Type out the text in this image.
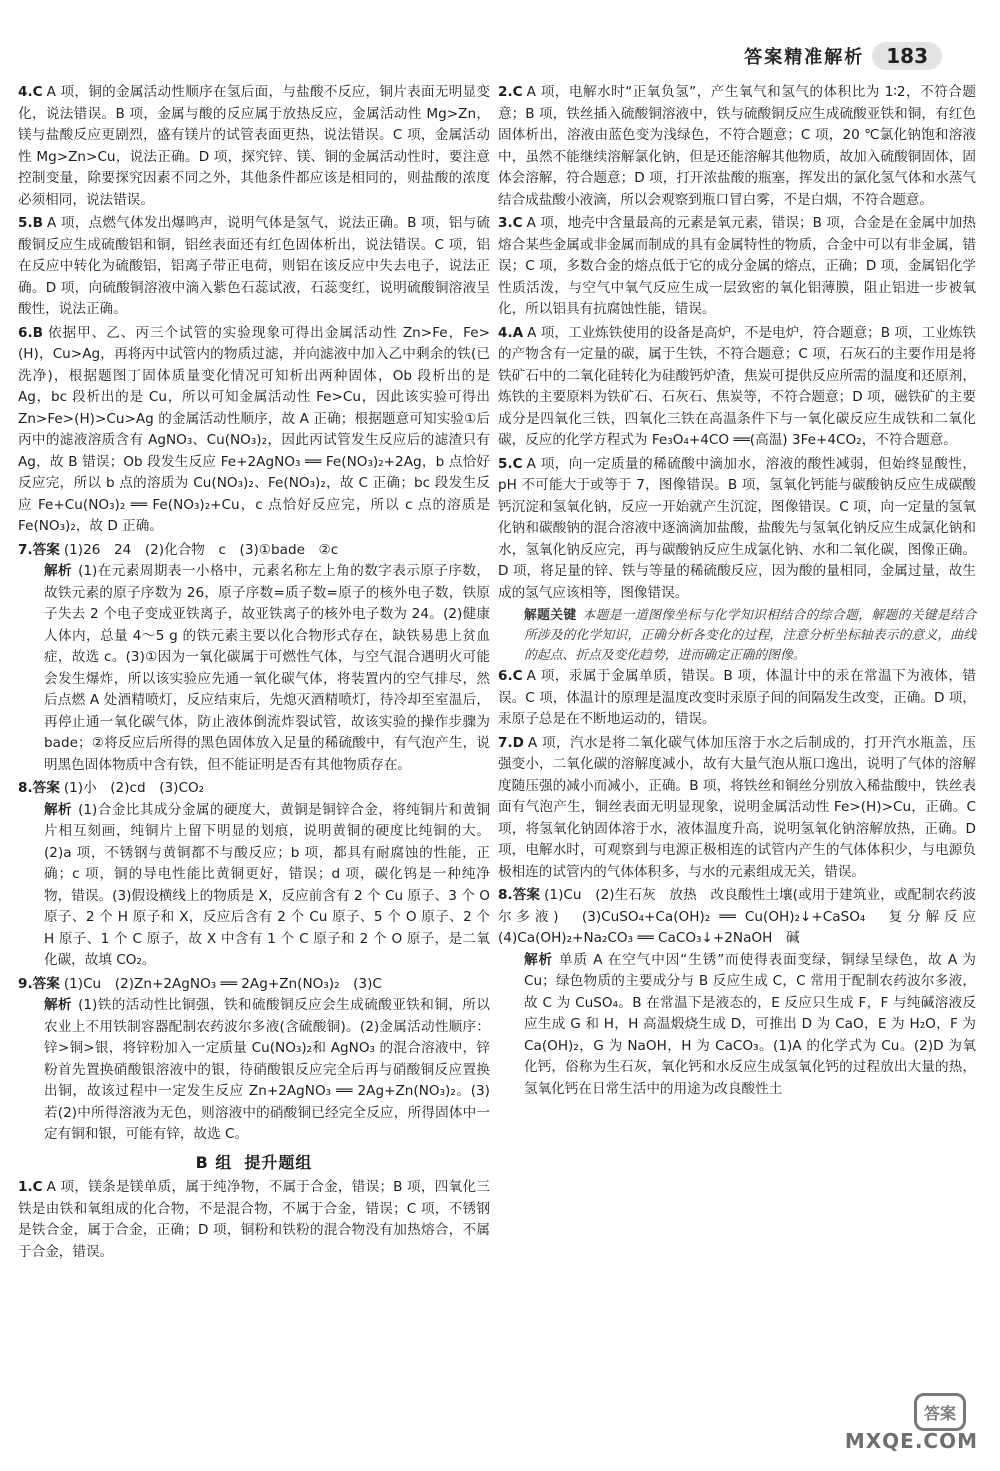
答案精准解析	183
4.C A 项，铜的金属活动性顺序在氢后面，与盐酸不反应，铜片表面无明显变化，说法错误。B 项，金属与酸的反应属于放热反应，金属活动性 Mg>Zn，镁与盐酸反应更剧烈，盛有镁片的试管表面更热，说法错误。C 项，金属活动性 Mg>Zn>Cu，说法正确。D 项，探究锌、镁、铜的金属活动性时，要注意控制变量，除要探究因素不同之外，其他条件都应该是相同的，则盐酸的浓度必须相同，说法错误。
5.B A 项，点燃气体发出爆鸣声，说明气体是氢气，说法正确。B 项，铝与硫酸铜反应生成硫酸铝和铜，铝丝表面还有红色固体析出，说法错误。C 项，铝在反应中转化为硫酸铝，铝离子带正电荷，则铝在该反应中失去电子，说法正确。D 项，向硫酸铜溶液中滴入紫色石蕊试液，石蕊变红，说明硫酸铜溶液呈酸性，说法正确。
6.B 依据甲、乙、丙三个试管的实验现象可得出金属活动性 Zn>Fe，Fe>(H)，Cu>Ag，再将丙中试管内的物质过滤，并向滤液中加入乙中剩余的铁(已洗净)，根据题图丁固体质量变化情况可知析出两种固体，Ob 段析出的是 Ag，bc 段析出的是 Cu，所以可知金属活动性 Fe>Cu，因此该实验可得出 Zn>Fe>(H)>Cu>Ag 的金属活动性顺序，故 A 正确；根据题意可知实验①后丙中的滤液溶质含有 AgNO₃、Cu(NO₃)₂，因此丙试管发生反应后的滤渣只有 Ag，故 B 错误；Ob 段发生反应 Fe+2AgNO₃ ══ Fe(NO₃)₂+2Ag，b 点恰好反应完，所以 b 点的溶质为 Cu(NO₃)₂、Fe(NO₃)₂，故 C 正确；bc 段发生反应 Fe+Cu(NO₃)₂ ══ Fe(NO₃)₂+Cu，c 点恰好反应完，所以 c 点的溶质是 Fe(NO₃)₂，故 D 正确。
7.答案 (1)26　24　(2)化合物　c　(3)①bade　②c
解析 (1)在元素周期表一小格中，元素名称左上角的数字表示原子序数，故铁元素的原子序数为 26，原子序数=质子数=原子的核外电子数，铁原子失去 2 个电子变成亚铁离子，故亚铁离子的核外电子数为 24。(2)健康人体内，总量 4～5 g 的铁元素主要以化合物形式存在，缺铁易患上贫血症，故选 c。(3)①因为一氧化碳属于可燃性气体，与空气混合遇明火可能会发生爆炸，所以该实验应先通一氧化碳气体，将装置内的空气排尽，然后点燃 A 处酒精喷灯，反应结束后，先熄灭酒精喷灯，待冷却至室温后，再停止通一氧化碳气体，防止液体倒流炸裂试管，故该实验的操作步骤为 bade；②将反应后所得的黑色固体放入足量的稀硫酸中，有气泡产生，说明黑色固体物质中含有铁，但不能证明是否有其他物质存在。
8.答案 (1)小　(2)cd　(3)CO₂
解析 (1)合金比其成分金属的硬度大，黄铜是铜锌合金，将纯铜片和黄铜片相互刻画，纯铜片上留下明显的划痕，说明黄铜的硬度比纯铜的大。(2)a 项，不锈钢与黄铜都不与酸反应；b 项，都具有耐腐蚀的性能，正确；c 项，铜的导电性能比黄铜更好，错误；d 项，碳化钨是一种纯净物，错误。(3)假设横线上的物质是 X，反应前含有 2 个 Cu 原子、3 个 O 原子、2 个 H 原子和 X，反应后含有 2 个 Cu 原子、5 个 O 原子、2 个 H 原子、1 个 C 原子，故 X 中含有 1 个 C 原子和 2 个 O 原子，是二氧化碳，故填 CO₂。
9.答案 (1)Cu　(2)Zn+2AgNO₃ ══ 2Ag+Zn(NO₃)₂　(3)C
解析 (1)铁的活动性比铜强，铁和硫酸铜反应会生成硫酸亚铁和铜，所以农业上不用铁制容器配制农药波尔多液(含硫酸铜)。(2)金属活动性顺序：锌>铜>银，将锌粉加入一定质量 Cu(NO₃)₂和 AgNO₃ 的混合溶液中，锌粉首先置换硝酸银溶液中的银，待硝酸银反应完全后再与硝酸铜反应置换出铜，故该过程中一定发生反应 Zn+2AgNO₃ ══ 2Ag+Zn(NO₃)₂。(3)若(2)中所得溶液为无色，则溶液中的硝酸铜已经完全反应，所得固体中一定有铜和银，可能有锌，故选 C。
B 组 提升题组
1.C A 项，镁条是镁单质，属于纯净物，不属于合金，错误；B 项，四氧化三铁是由铁和氧组成的化合物，不是混合物，不属于合金，错误；C 项，不锈钢是铁合金，属于合金，正确；D 项，铜粉和铁粉的混合物没有加热熔合，不属于合金，错误。
2.C A 项，电解水时“正氧负氢”，产生氧气和氢气的体积比为 1∶2，不符合题意；B 项，铁丝插入硫酸铜溶液中，铁与硫酸铜反应生成硫酸亚铁和铜，有红色固体析出，溶液由蓝色变为浅绿色，不符合题意；C 项，20 ℃氯化钠饱和溶液中，虽然不能继续溶解氯化钠，但是还能溶解其他物质，故加入硫酸铜固体，固体会溶解，符合题意；D 项，打开浓盐酸的瓶塞，挥发出的氯化氢气体和水蒸气结合成盐酸小液滴，所以会观察到瓶口冒白雾，不是白烟，不符合题意。
3.C A 项，地壳中含量最高的元素是氧元素，错误；B 项，合金是在金属中加热熔合某些金属或非金属而制成的具有金属特性的物质，合金中可以有非金属，错误；C 项，多数合金的熔点低于它的成分金属的熔点，正确；D 项，金属铝化学性质活泼，与空气中氧气反应生成一层致密的氧化铝薄膜，阻止铝进一步被氧化，所以铝具有抗腐蚀性能，错误。
4.A A 项，工业炼铁使用的设备是高炉，不是电炉，符合题意；B 项，工业炼铁的产物含有一定量的碳，属于生铁，不符合题意；C 项，石灰石的主要作用是将铁矿石中的二氧化硅转化为硅酸钙炉渣，焦炭可提供反应所需的温度和还原剂，炼铁的主要原料为铁矿石、石灰石、焦炭等，不符合题意；D 项，磁铁矿的主要成分是四氧化三铁，四氧化三铁在高温条件下与一氧化碳反应生成铁和二氧化碳，反应的化学方程式为 Fe₃O₄+4CO ══(高温) 3Fe+4CO₂，不符合题意。
5.C A 项，向一定质量的稀硫酸中滴加水，溶液的酸性减弱，但始终显酸性，pH 不可能大于或等于 7，图像错误。B 项，氢氧化钙能与碳酸钠反应生成碳酸钙沉淀和氢氧化钠，反应一开始就产生沉淀，图像错误。C 项，向一定量的氢氧化钠和碳酸钠的混合溶液中逐滴滴加盐酸，盐酸先与氢氧化钠反应生成氯化钠和水，氢氧化钠反应完，再与碳酸钠反应生成氯化钠、水和二氧化碳，图像正确。D 项，将足量的锌、铁与等量的稀硫酸反应，因为酸的量相同，金属过量，故生成的氢气应该相等，图像错误。
解题关键 本题是一道图像坐标与化学知识相结合的综合题，解题的关键是结合所涉及的化学知识，正确分析各变化的过程，注意分析坐标轴表示的意义，曲线的起点、折点及变化趋势，进而确定正确的图像。
6.C A 项，汞属于金属单质，错误。B 项，体温计中的汞在常温下为液体，错误。C 项，体温计的原理是温度改变时汞原子间的间隔发生改变，正确。D 项，汞原子总是在不断地运动的，错误。
7.D A 项，汽水是将二氧化碳气体加压溶于水之后制成的，打开汽水瓶盖，压强变小，二氧化碳的溶解度减小，故有大量气泡从瓶口逸出，说明了气体的溶解度随压强的减小而减小，正确。B 项，将铁丝和铜丝分别放入稀盐酸中，铁丝表面有气泡产生，铜丝表面无明显现象，说明金属活动性 Fe>(H)>Cu，正确。C 项，将氢氧化钠固体溶于水，液体温度升高，说明氢氧化钠溶解放热，正确。D 项，电解水时，可观察到与电源正极相连的试管内产生的气体体积少，与电源负极相连的试管内的气体体积多，与水的元素组成无关，错误。
8.答案 (1)Cu　(2)生石灰　放热　改良酸性土壤(或用于建筑业，或配制农药波尔多液)　(3)CuSO₄+Ca(OH)₂ ══ Cu(OH)₂↓+CaSO₄　复分解反应　(4)Ca(OH)₂+Na₂CO₃ ══ CaCO₃↓+2NaOH　碱
解析 单质 A 在空气中因“生锈”而使得表面变绿，铜绿呈绿色，故 A 为 Cu；绿色物质的主要成分与 B 反应生成 C，C 常用于配制农药波尔多液，故 C 为 CuSO₄。B 在常温下是液态的，E 反应只生成 F，F 与纯碱溶液反应生成 G 和 H，H 高温煅烧生成 D，可推出 D 为 CaO，E 为 H₂O，F 为 Ca(OH)₂，G 为 NaOH，H 为 CaCO₃。(1)A 的化学式为 Cu。(2)D 为氧化钙，俗称为生石灰，氧化钙和水反应生成氢氧化钙的过程放出大量的热，氢氧化钙在日常生活中的用途为改良酸性土
答案
MXQE.COM
